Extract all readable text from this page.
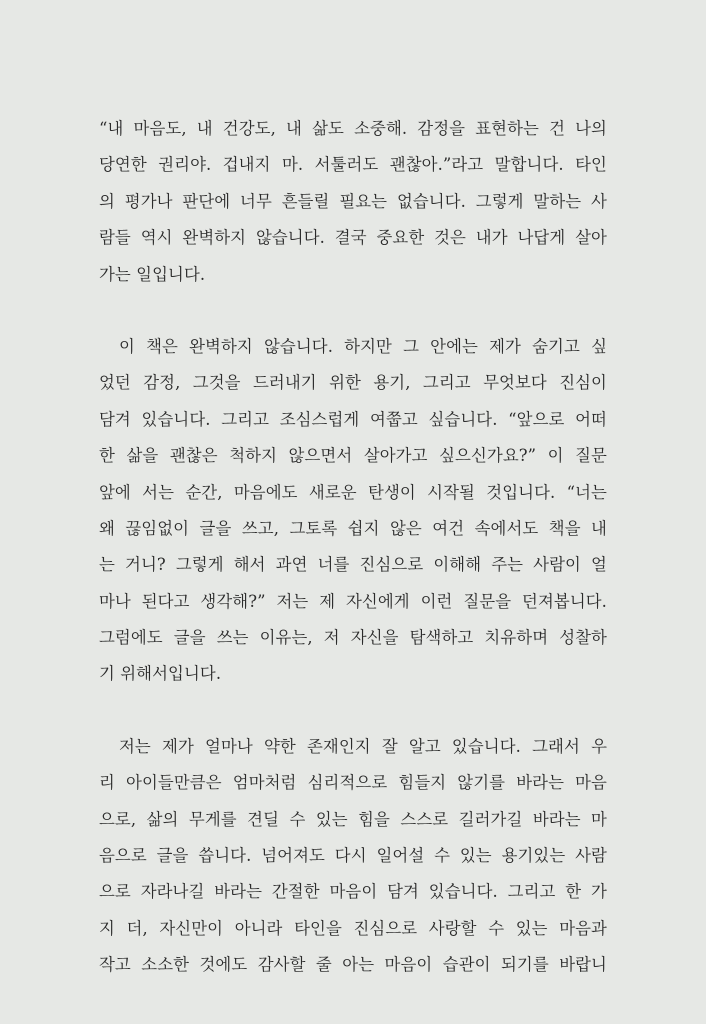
“내 마음도, 내 건강도, 내 삶도 소중해. 감정을 표현하는 건 나의
당연한 권리야. 겁내지 마. 서툴러도 괜찮아.”라고 말합니다. 타인
의 평가나 판단에 너무 흔들릴 필요는 없습니다. 그렇게 말하는 사
람들 역시 완벽하지 않습니다. 결국 중요한 것은 내가 나답게 살아
가는 일입니다.
이 책은 완벽하지 않습니다. 하지만 그 안에는 제가 숨기고 싶
었던 감정, 그것을 드러내기 위한 용기, 그리고 무엇보다 진심이
담겨 있습니다. 그리고 조심스럽게 여쭙고 싶습니다. “앞으로 어떠
한 삶을 괜찮은 척하지 않으면서 살아가고 싶으신가요?” 이 질문
앞에 서는 순간, 마음에도 새로운 탄생이 시작될 것입니다. “너는
왜 끊임없이 글을 쓰고, 그토록 쉽지 않은 여건 속에서도 책을 내
는 거니? 그렇게 해서 과연 너를 진심으로 이해해 주는 사람이 얼
마나 된다고 생각해?” 저는 제 자신에게 이런 질문을 던져봅니다.
그럼에도 글을 쓰는 이유는, 저 자신을 탐색하고 치유하며 성찰하
기 위해서입니다.
저는 제가 얼마나 약한 존재인지 잘 알고 있습니다. 그래서 우
리 아이들만큼은 엄마처럼 심리적으로 힘들지 않기를 바라는 마음
으로, 삶의 무게를 견딜 수 있는 힘을 스스로 길러가길 바라는 마
음으로 글을 씁니다. 넘어져도 다시 일어설 수 있는 용기있는 사람
으로 자라나길 바라는 간절한 마음이 담겨 있습니다. 그리고 한 가
지 더, 자신만이 아니라 타인을 진심으로 사랑할 수 있는 마음과
작고 소소한 것에도 감사할 줄 아는 마음이 습관이 되기를 바랍니
